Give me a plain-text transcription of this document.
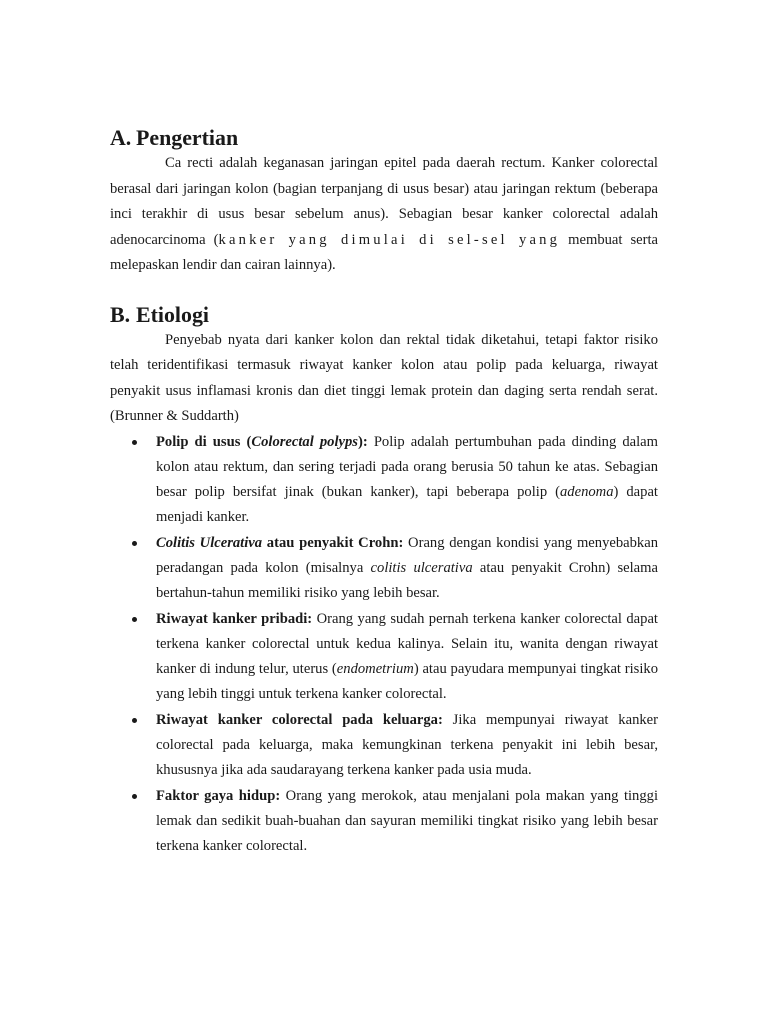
A. Pengertian

Ca recti adalah keganasan jaringan epitel pada daerah rectum. Kanker colorectal berasal dari jaringan kolon (bagian terpanjang di usus besar) atau jaringan rektum (beberapa inci terakhir di usus besar sebelum anus). Sebagian besar kanker colorectal adalah adenocarcinoma (kanker yang dimulai di sel-sel yang membuat serta melepaskan lendir dan cairan lainnya).

B. Etiologi

Penyebab nyata dari kanker kolon dan rektal tidak diketahui, tetapi faktor risiko telah teridentifikasi termasuk riwayat kanker kolon atau polip pada keluarga, riwayat penyakit usus inflamasi kronis dan diet tinggi lemak protein dan daging serta rendah serat. (Brunner & Suddarth)

Polip di usus (Colorectal polyps): Polip adalah pertumbuhan pada dinding dalam kolon atau rektum, dan sering terjadi pada orang berusia 50 tahun ke atas. Sebagian besar polip bersifat jinak (bukan kanker), tapi beberapa polip (adenoma) dapat menjadi kanker.

Colitis Ulcerativa atau penyakit Crohn: Orang dengan kondisi yang menyebabkan peradangan pada kolon (misalnya colitis ulcerativa atau penyakit Crohn) selama bertahun-tahun memiliki risiko yang lebih besar.

Riwayat kanker pribadi: Orang yang sudah pernah terkena kanker colorectal dapat terkena kanker colorectal untuk kedua kalinya. Selain itu, wanita dengan riwayat kanker di indung telur, uterus (endometrium) atau payudara mempunyai tingkat risiko yang lebih tinggi untuk terkena kanker colorectal.

Riwayat kanker colorectal pada keluarga: Jika mempunyai riwayat kanker colorectal pada keluarga, maka kemungkinan terkena penyakit ini lebih besar, khususnya jika ada saudarayang terkena kanker pada usia muda.

Faktor gaya hidup: Orang yang merokok, atau menjalani pola makan yang tinggi lemak dan sedikit buah-buahan dan sayuran memiliki tingkat risiko yang lebih besar terkena kanker colorectal.
